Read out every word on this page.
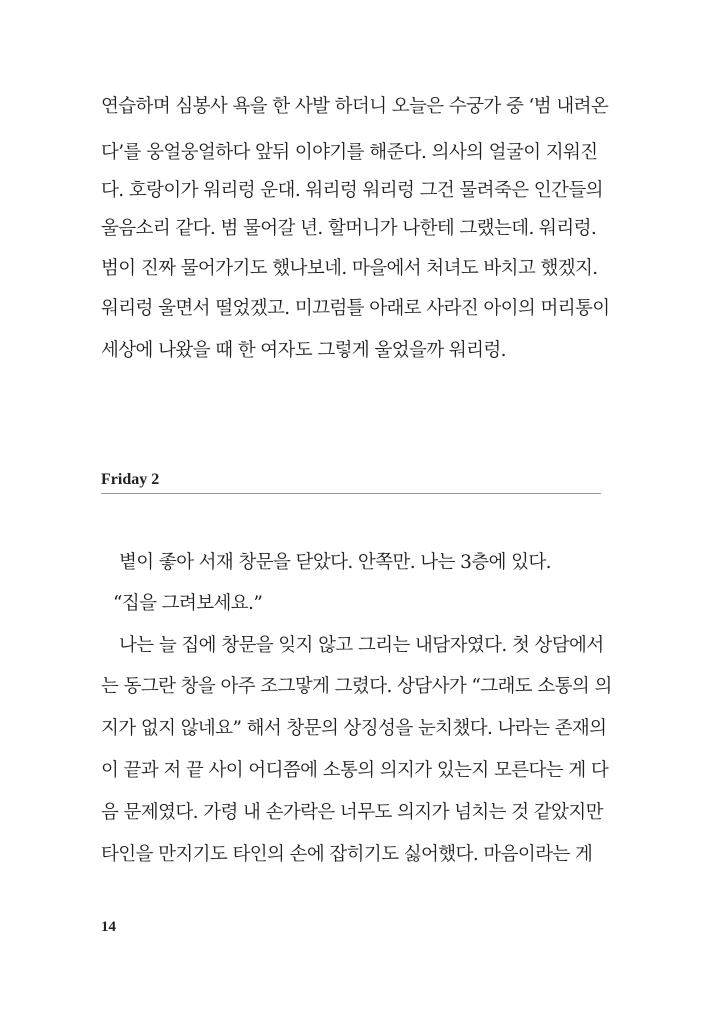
연습하며 심봉사 욕을 한 사발 하더니 오늘은 수궁가 중 ‘범 내려온

다’를 웅얼웅얼하다 앞뒤 이야기를 해준다. 의사의 얼굴이 지워진

다. 호랑이가 워리렁 운대. 워리렁 워리렁 그건 물려죽은 인간들의

울음소리 같다. 범 물어갈 년. 할머니가 나한테 그랬는데. 워리렁.

범이 진짜 물어가기도 했나보네. 마을에서 처녀도 바치고 했겠지.

워리렁 울면서 떨었겠고. 미끄럼틀 아래로 사라진 아이의 머리통이

세상에 나왔을 때 한 여자도 그렇게 울었을까 워리렁.

Friday 2

볕이 좋아 서재 창문을 닫았다. 안쪽만. 나는 3층에 있다.

“집을 그려보세요.”

나는 늘 집에 창문을 잊지 않고 그리는 내담자였다. 첫 상담에서

는 동그란 창을 아주 조그맣게 그렸다. 상담사가 “그래도 소통의 의

지가 없지 않네요” 해서 창문의 상징성을 눈치챘다. 나라는 존재의

이 끝과 저 끝 사이 어디쯤에 소통의 의지가 있는지 모른다는 게 다

음 문제였다. 가령 내 손가락은 너무도 의지가 넘치는 것 같았지만

타인을 만지기도 타인의 손에 잡히기도 싫어했다. 마음이라는 게

14
